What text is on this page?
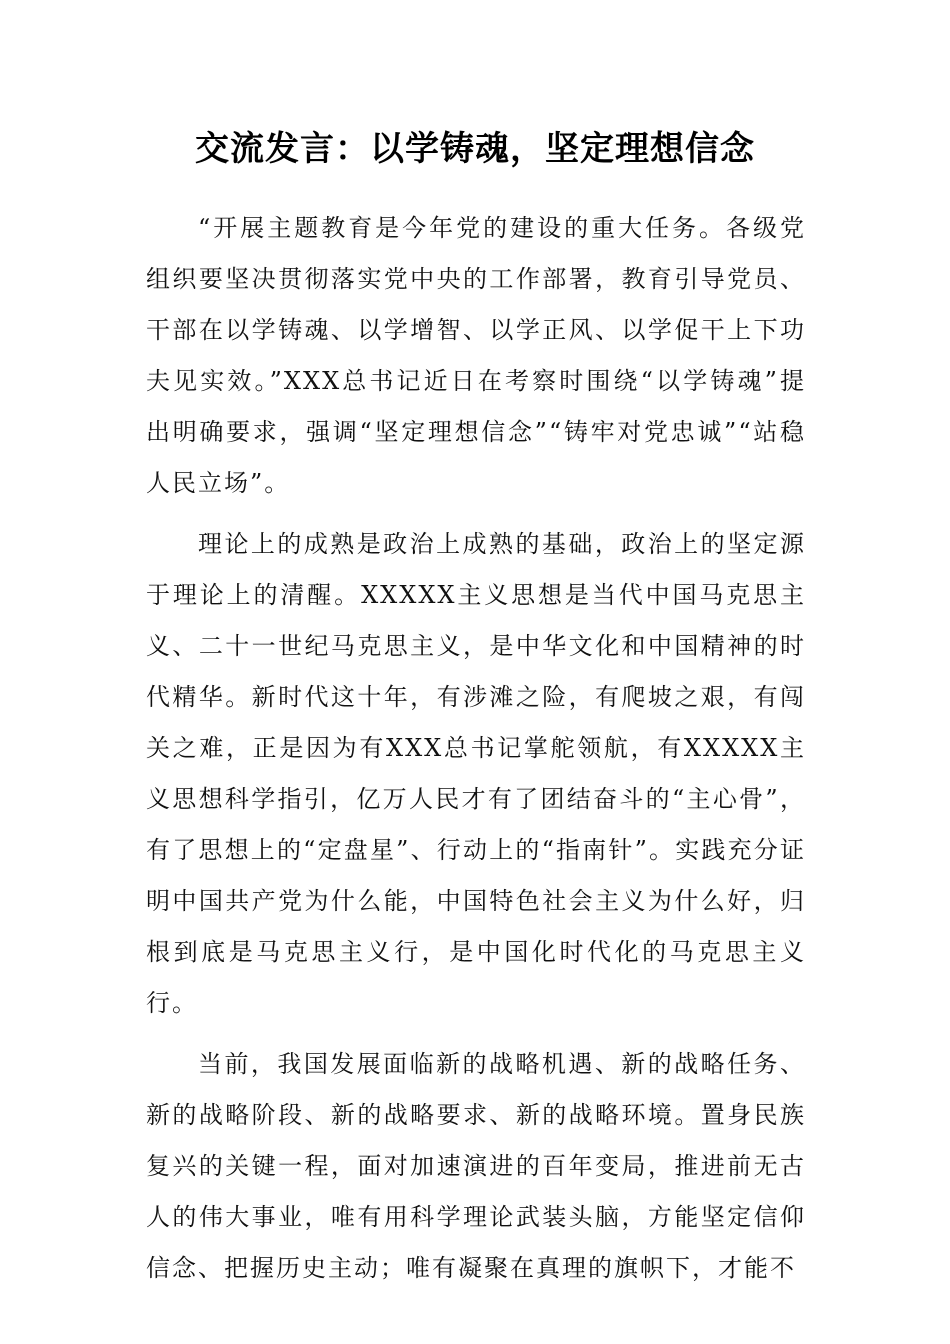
交流发言：以学铸魂，坚定理想信念

“开展主题教育是今年党的建设的重大任务。各级党组织要坚决贯彻落实党中央的工作部署，教育引导党员、干部在以学铸魂、以学增智、以学正风、以学促干上下功夫见实效。”XXX总书记近日在考察时围绕“以学铸魂”提出明确要求，强调“坚定理想信念”“铸牢对党忠诚”“站稳人民立场”。

理论上的成熟是政治上成熟的基础，政治上的坚定源于理论上的清醒。XXXXX主义思想是当代中国马克思主义、二十一世纪马克思主义，是中华文化和中国精神的时代精华。新时代这十年，有涉滩之险，有爬坡之艰，有闯关之难，正是因为有XXX总书记掌舵领航，有XXXXX主义思想科学指引，亿万人民才有了团结奋斗的“主心骨”，有了思想上的“定盘星”、行动上的“指南针”。实践充分证明中国共产党为什么能，中国特色社会主义为什么好，归根到底是马克思主义行，是中国化时代化的马克思主义行。

当前，我国发展面临新的战略机遇、新的战略任务、新的战略阶段、新的战略要求、新的战略环境。置身民族复兴的关键一程，面对加速演进的百年变局，推进前无古人的伟大事业，唯有用科学理论武装头脑，方能坚定信仰信念、把握历史主动；唯有凝聚在真理的旗帜下，才能不
